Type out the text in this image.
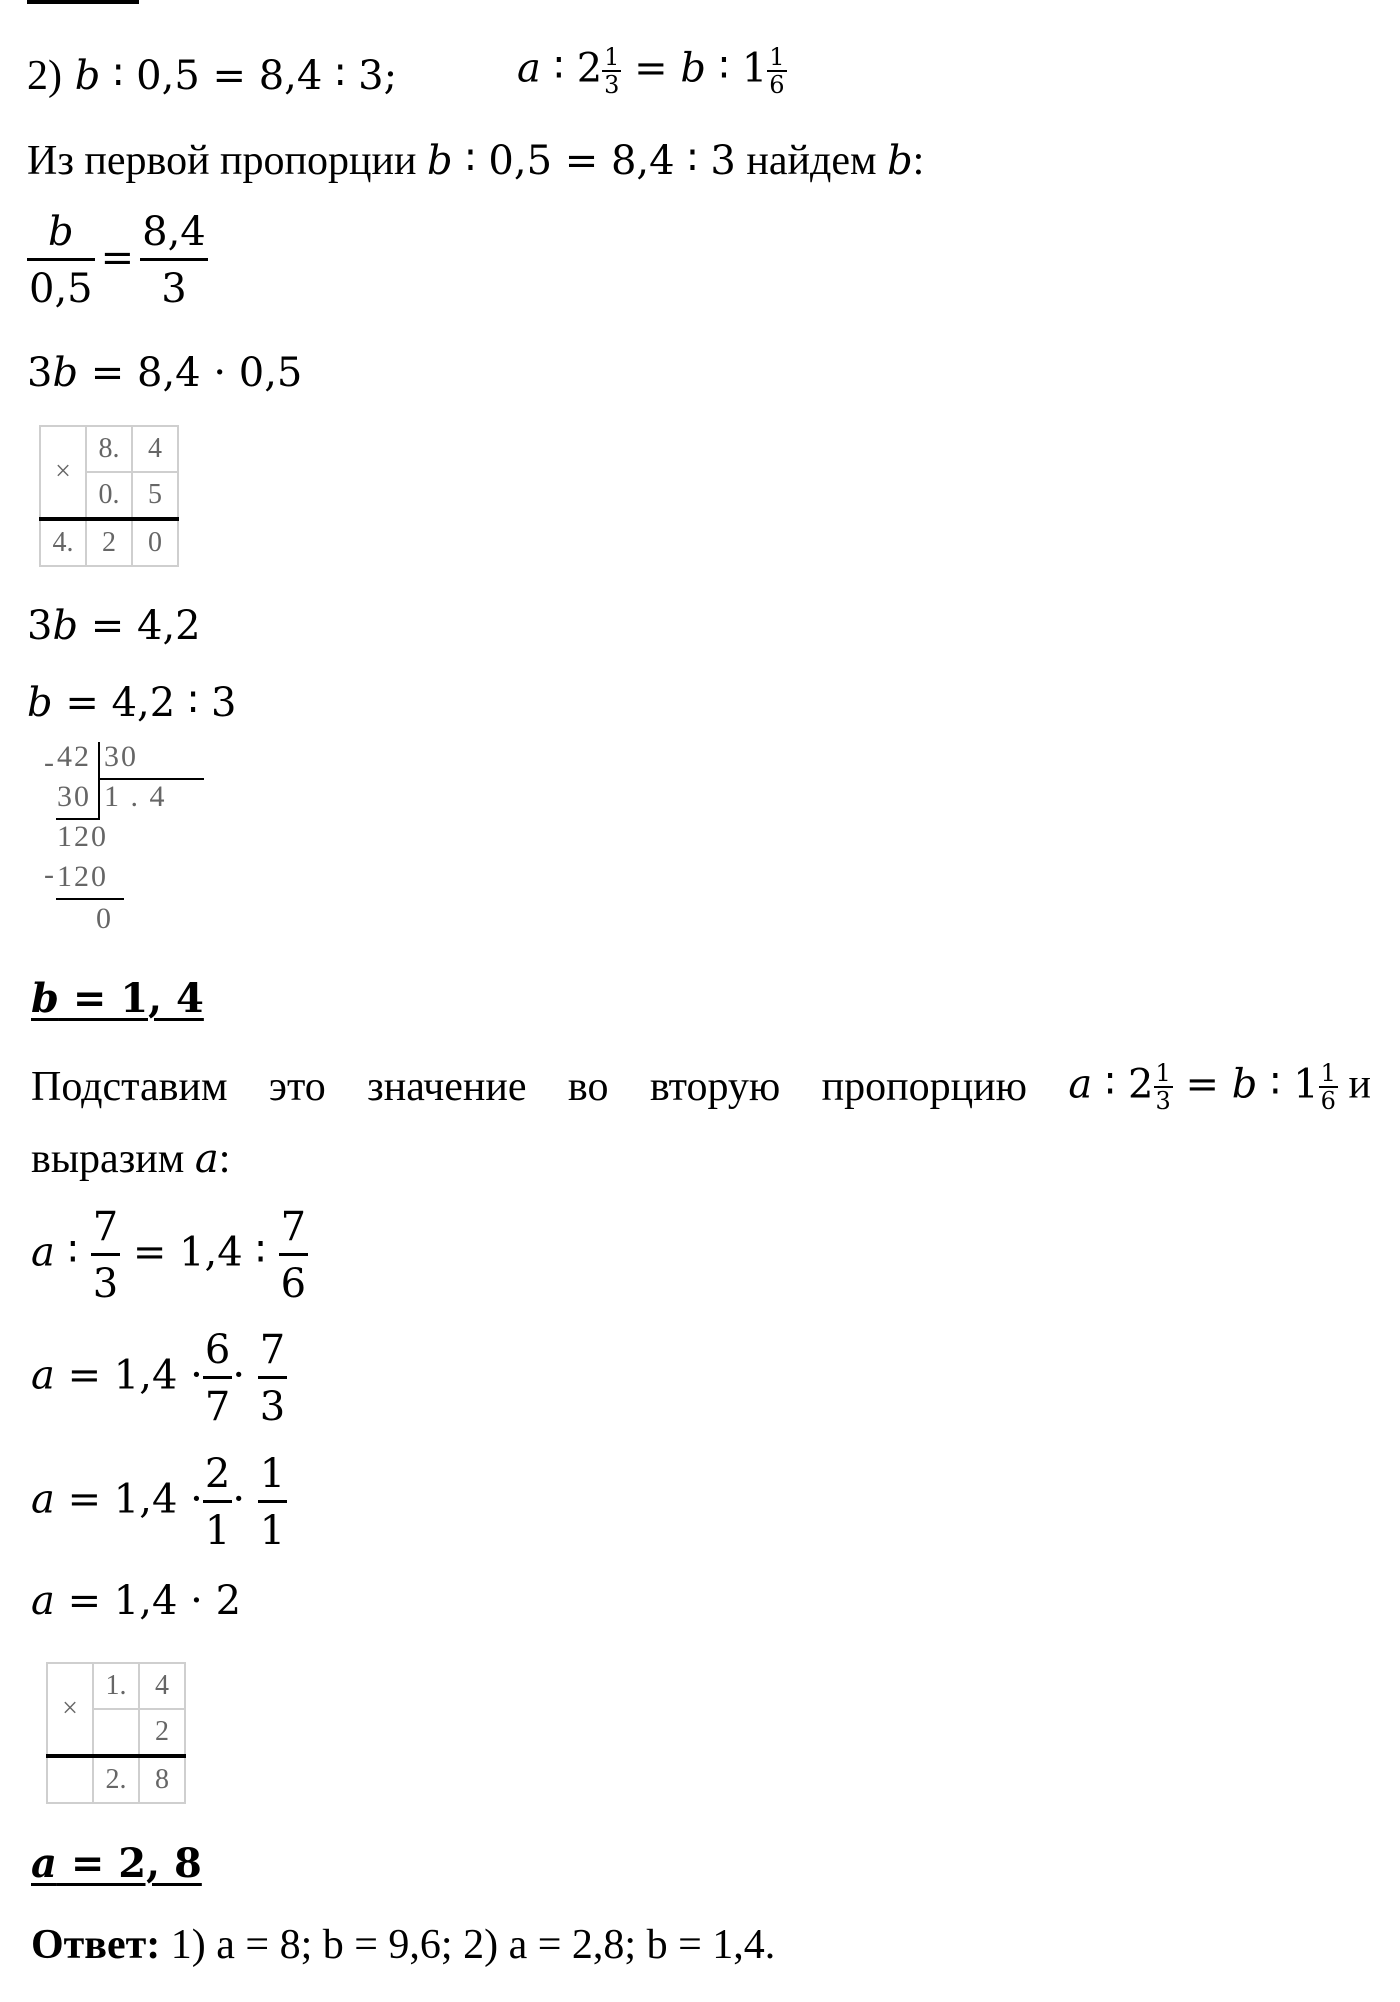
2) b ∶ 0,5 = 8,4 ∶ 3;	a ∶ $2 \frac{1}{3} = b$ ∶ $1 \frac{1}{6}$
Из первой пропорции b ∶ 0,5 = 8,4 ∶ 3 найдем b:
$\frac{b}{0,5} = \frac{8,4}{3}$
3b = 8,4 · 0,5
×	8.	4
	0.	5
4.	2	0
3b = 4,2
b = 4,2 ∶ 3
- 42 30
30 1 . 4
120
- 120
0
b = 1, 4
Подставим это значение во вторую пропорцию a ∶ $2 \frac{1}{3} = b$ ∶ $1 \frac{1}{6}$ и
выразим a:
a ∶ $\frac{7}{3} = 1,4$ ∶ $\frac{7}{6}$
$a = 1,4 \cdot \frac{6}{7} \cdot \frac{7}{3}$
$a = 1,4 \cdot \frac{2}{1} \cdot \frac{1}{1}$
a = 1,4 · 2
×	1.	4
		2
	2.	8
a = 2, 8
Ответ: 1) a = 8; b = 9,6; 2) a = 2,8; b = 1,4.
